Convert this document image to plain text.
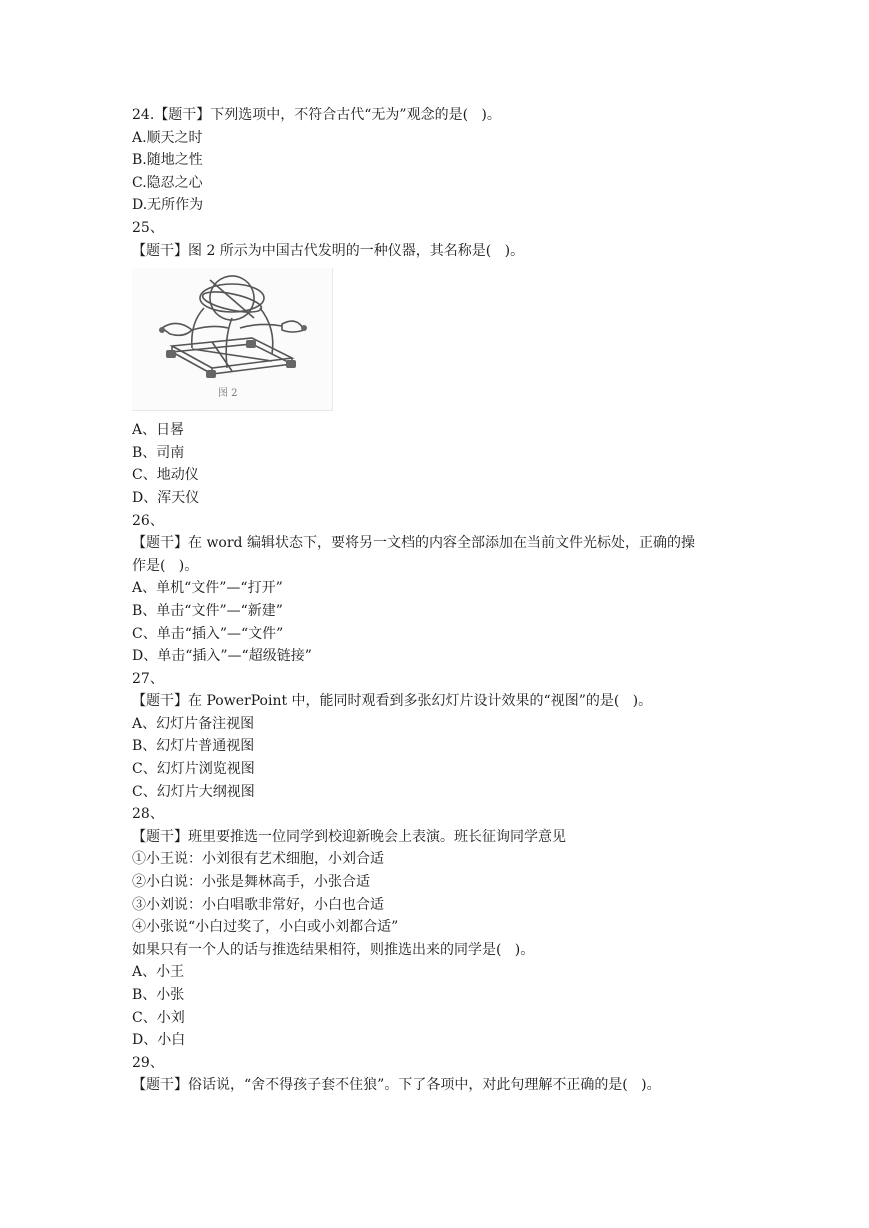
24.【题干】下列选项中，不符合古代“无为”观念的是(   )。
A.顺天之时
B.随地之性
C.隐忍之心
D.无所作为
25、
【题干】图 2 所示为中国古代发明的一种仪器，其名称是(   )。
图 2
A、日晷
B、司南
C、地动仪
D、浑天仪
26、
【题干】在 word 编辑状态下，要将另一文档的内容全部添加在当前文件光标处，正确的操
作是(   )。
A、单机“文件”—“打开”
B、单击“文件”—“新建”
C、单击“插入”—“文件”
D、单击“插入”—“超级链接”
27、
【题干】在 PowerPoint 中，能同时观看到多张幻灯片设计效果的“视图”的是(   )。
A、幻灯片备注视图
B、幻灯片普通视图
C、幻灯片浏览视图
C、幻灯片大纲视图
28、
【题干】班里要推选一位同学到校迎新晚会上表演。班长征询同学意见
①小王说：小刘很有艺术细胞，小刘合适
②小白说：小张是舞林高手，小张合适
③小刘说：小白唱歌非常好，小白也合适
④小张说“小白过奖了，小白或小刘都合适”
如果只有一个人的话与推选结果相符，则推选出来的同学是(   )。
A、小王
B、小张
C、小刘
D、小白
29、
【题干】俗话说，“舍不得孩子套不住狼”。下了各项中，对此句理解不正确的是(   )。
